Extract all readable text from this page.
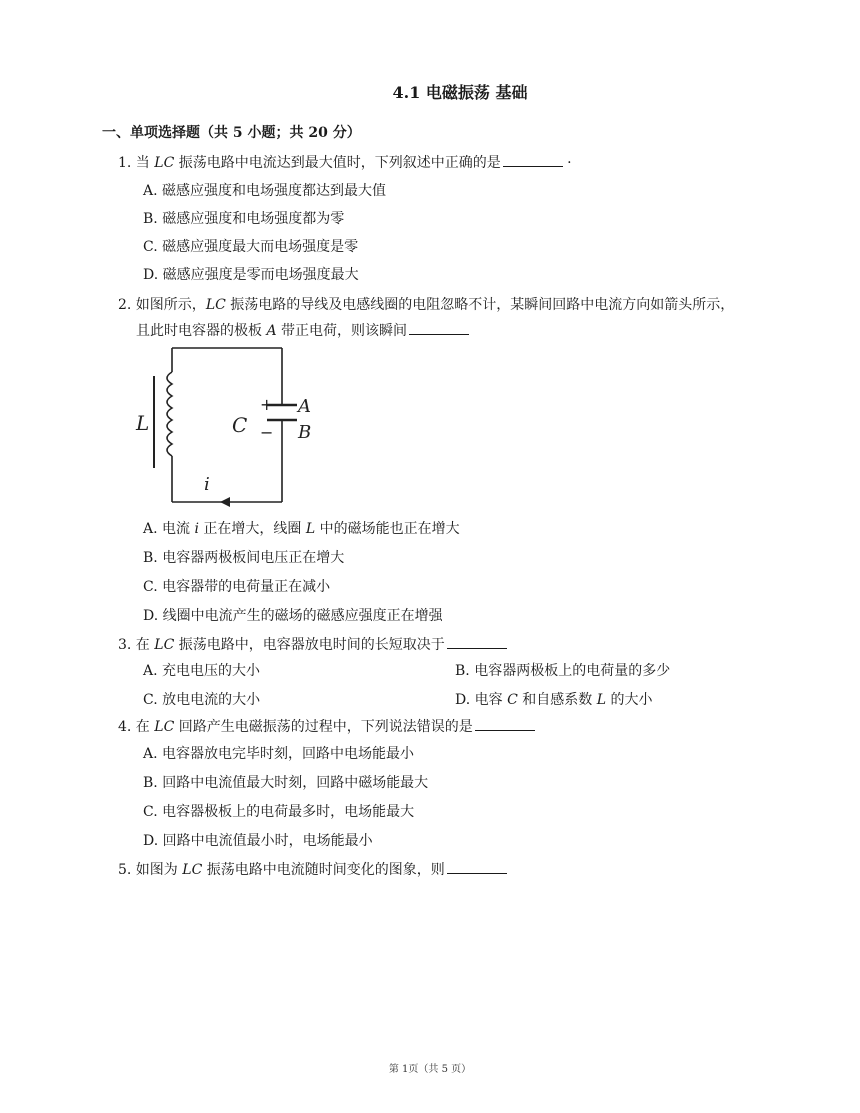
4.1 电磁振荡 基础
一、单项选择题（共 5 小题；共 20 分）
1. 当 LC 振荡电路中电流达到最大值时，下列叙述中正确的是	·
A. 磁感应强度和电场强度都达到最大值
B. 磁感应强度和电场强度都为零
C. 磁感应强度最大而电场强度是零
D. 磁感应强度是零而电场强度最大
2. 如图所示，LC 振荡电路的导线及电感线圈的电阻忽略不计，某瞬间回路中电流方向如箭头所示，
且此时电容器的极板 A 带正电荷，则该瞬间
L	C
+
−
A
B
i
A. 电流 i 正在增大，线圈 L 中的磁场能也正在增大
B. 电容器两极板间电压正在增大
C. 电容器带的电荷量正在减小
D. 线圈中电流产生的磁场的磁感应强度正在增强
3. 在 LC 振荡电路中，电容器放电时间的长短取决于
A. 充电电压的大小	B. 电容器两极板上的电荷量的多少
C. 放电电流的大小	D. 电容 C 和自感系数 L 的大小
4. 在 LC 回路产生电磁振荡的过程中，下列说法错误的是
A. 电容器放电完毕时刻，回路中电场能最小
B. 回路中电流值最大时刻，回路中磁场能最大
C. 电容器极板上的电荷最多时，电场能最大
D. 回路中电流值最小时，电场能最小
5. 如图为 LC 振荡电路中电流随时间变化的图象，则
第 1页（共 5 页）
